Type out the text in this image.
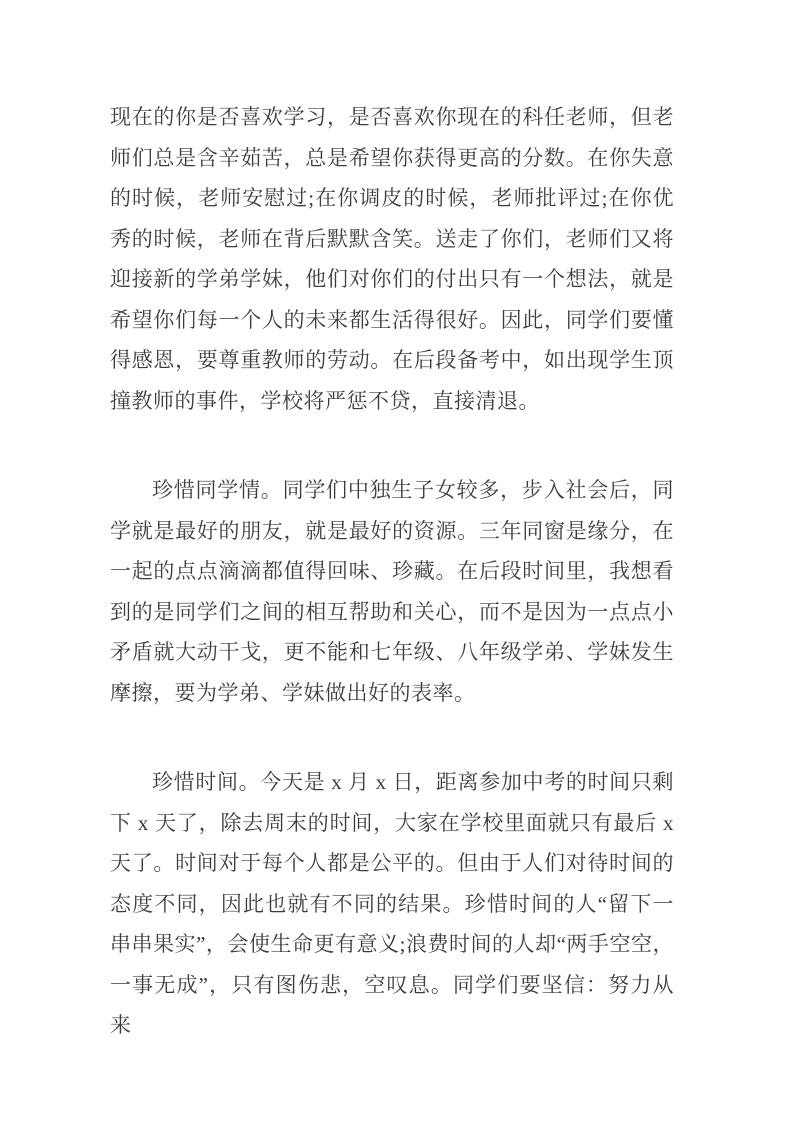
现在的你是否喜欢学习，是否喜欢你现在的科任老师，但老师们总是含辛茹苦，总是希望你获得更高的分数。在你失意的时候，老师安慰过;在你调皮的时候，老师批评过;在你优秀的时候，老师在背后默默含笑。送走了你们，老师们又将迎接新的学弟学妹，他们对你们的付出只有一个想法，就是希望你们每一个人的未来都生活得很好。因此，同学们要懂得感恩，要尊重教师的劳动。在后段备考中，如出现学生顶撞教师的事件，学校将严惩不贷，直接清退。

珍惜同学情。同学们中独生子女较多，步入社会后，同学就是最好的朋友，就是最好的资源。三年同窗是缘分，在一起的点点滴滴都值得回味、珍藏。在后段时间里，我想看到的是同学们之间的相互帮助和关心，而不是因为一点点小矛盾就大动干戈，更不能和七年级、八年级学弟、学妹发生摩擦，要为学弟、学妹做出好的表率。

珍惜时间。今天是 x 月 x 日，距离参加中考的时间只剩下 x 天了，除去周末的时间，大家在学校里面就只有最后 x 天了。时间对于每个人都是公平的。但由于人们对待时间的态度不同，因此也就有不同的结果。珍惜时间的人“留下一串串果实”，会使生命更有意义;浪费时间的人却“两手空空，一事无成”，只有图伤悲，空叹息。同学们要坚信：努力从来
